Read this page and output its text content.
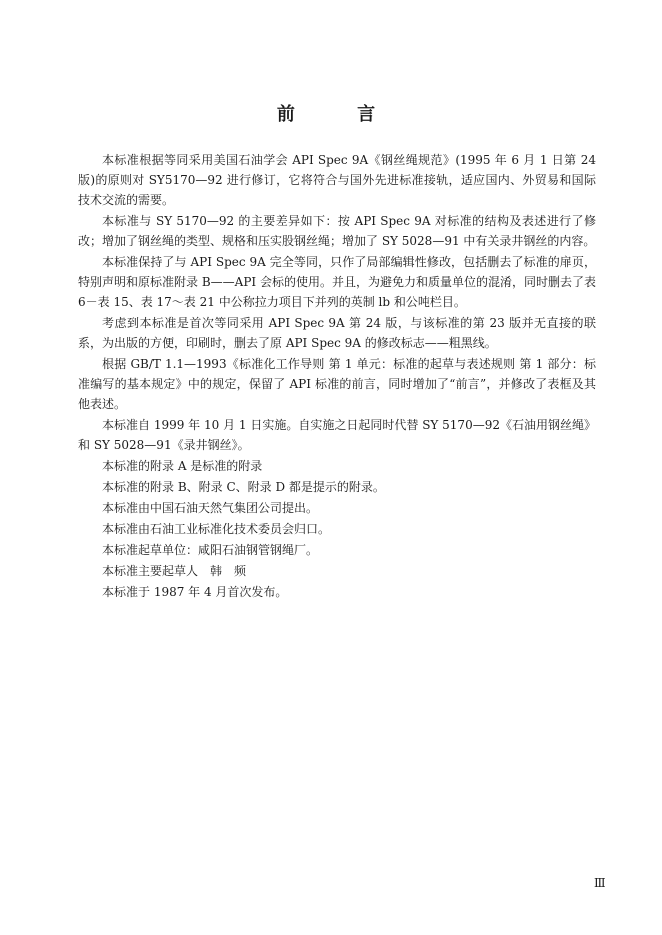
前 言

本标准根据等同采用美国石油学会 API Spec 9A《钢丝绳规范》(1995 年 6 月 1 日第 24 版)的原则对 SY5170—92 进行修订，它将符合与国外先进标准接轨，适应国内、外贸易和国际技术交流的需要。

本标准与 SY 5170—92 的主要差异如下：按 API Spec 9A 对标准的结构及表述进行了修改；增加了钢丝绳的类型、规格和压实股钢丝绳；增加了 SY 5028—91 中有关录井钢丝的内容。

本标准保持了与 API Spec 9A 完全等同，只作了局部编辑性修改，包括删去了标准的扉页，特别声明和原标准附录 B——API 会标的使用。并且，为避免力和质量单位的混淆，同时删去了表 6－表 15、表 17～表 21 中公称拉力项目下并列的英制 lb 和公吨栏目。

考虑到本标准是首次等同采用 API Spec 9A 第 24 版，与该标准的第 23 版并无直接的联系，为出版的方便，印刷时，删去了原 API Spec 9A 的修改标志——粗黑线。

根据 GB/T 1.1—1993《标准化工作导则 第 1 单元：标准的起草与表述规则 第 1 部分：标准编写的基本规定》中的规定，保留了 API 标准的前言，同时增加了“前言”，并修改了表框及其他表述。

本标准自 1999 年 10 月 1 日实施。自实施之日起同时代替 SY 5170—92《石油用钢丝绳》和 SY 5028—91《录井钢丝》。

本标准的附录 A 是标准的附录

本标准的附录 B、附录 C、附录 D 都是提示的附录。

本标准由中国石油天然气集团公司提出。

本标准由石油工业标准化技术委员会归口。

本标准起草单位：咸阳石油钢管钢绳厂。

本标准主要起草人　韩　频

本标准于 1987 年 4 月首次发布。

Ⅲ
